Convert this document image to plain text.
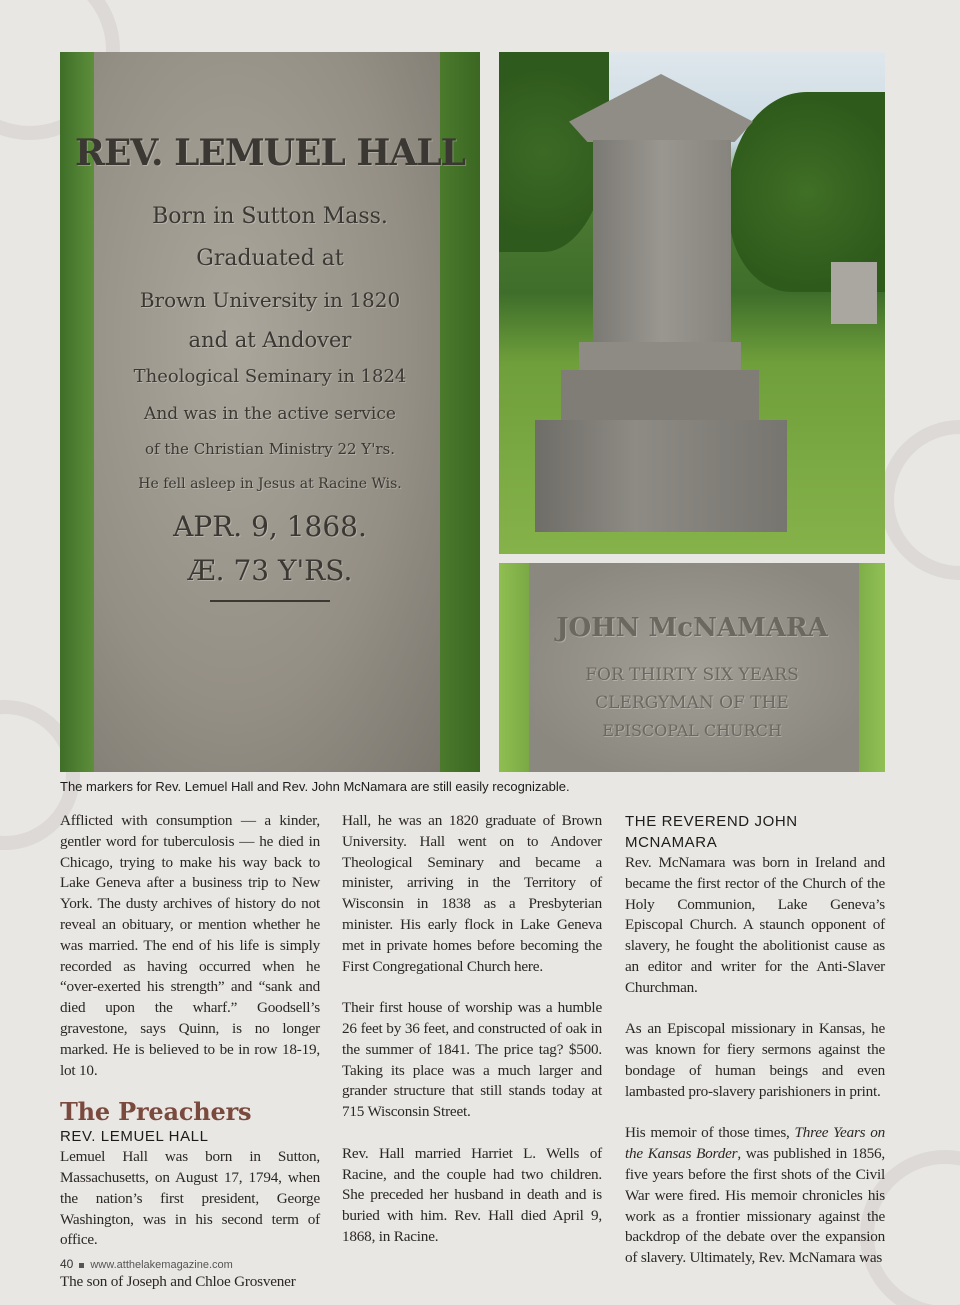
REV. LEMUEL HALL
Born in Sutton Mass.
Graduated at
Brown University in 1820
and at Andover
Theological Seminary in 1824
And was in the active service
of the Christian Ministry 22 Y'rs.
He fell asleep in Jesus at Racine Wis.
APR. 9, 1868.
Æ. 73 Y'RS.
JOHN McNAMARA
FOR THIRTY SIX YEARS
CLERGYMAN OF THE
EPISCOPAL CHURCH
The markers for Rev. Lemuel Hall and Rev. John McNamara are still easily recognizable.

Afflicted with consumption — a kinder, gentler word for tuberculosis — he died in Chicago, trying to make his way back to Lake Geneva after a business trip to New York. The dusty archives of history do not reveal an obituary, or mention whether he was married. The end of his life is simply recorded as having occurred when he “over-exerted his strength” and “sank and died upon the wharf.” Goodsell’s gravestone, says Quinn, is no longer marked. He is believed to be in row 18-19, lot 10.

The Preachers
REV. LEMUEL HALL

Lemuel Hall was born in Sutton, Massachusetts, on August 17, 1794, when the nation’s first president, George Washington, was in his second term of office.

The son of Joseph and Chloe Grosvener

Hall, he was an 1820 graduate of Brown University. Hall went on to Andover Theological Seminary and became a minister, arriving in the Territory of Wisconsin in 1838 as a Presbyterian minister. His early flock in Lake Geneva met in private homes before becoming the First Congregational Church here.

Their first house of worship was a humble 26 feet by 36 feet, and constructed of oak in the summer of 1841. The price tag? $500. Taking its place was a much larger and grander structure that still stands today at 715 Wisconsin Street.

Rev. Hall married Harriet L. Wells of Racine, and the couple had two children. She preceded her husband in death and is buried with him. Rev. Hall died April 9, 1868, in Racine.

THE REVEREND JOHN MCNAMARA

Rev. McNamara was born in Ireland and became the first rector of the Church of the Holy Communion, Lake Geneva’s Episcopal Church. A staunch opponent of slavery, he fought the abolitionist cause as an editor and writer for the Anti-Slaver Churchman.

As an Episcopal missionary in Kansas, he was known for fiery sermons against the bondage of human beings and even lambasted pro-slavery parishioners in print.

His memoir of those times, Three Years on the Kansas Border, was published in 1856, five years before the first shots of the Civil War were fired. His memoir chronicles his work as a frontier missionary against the backdrop of the debate over the expansion of slavery. Ultimately, Rev. McNamara was

40 www.atthelakemagazine.com
